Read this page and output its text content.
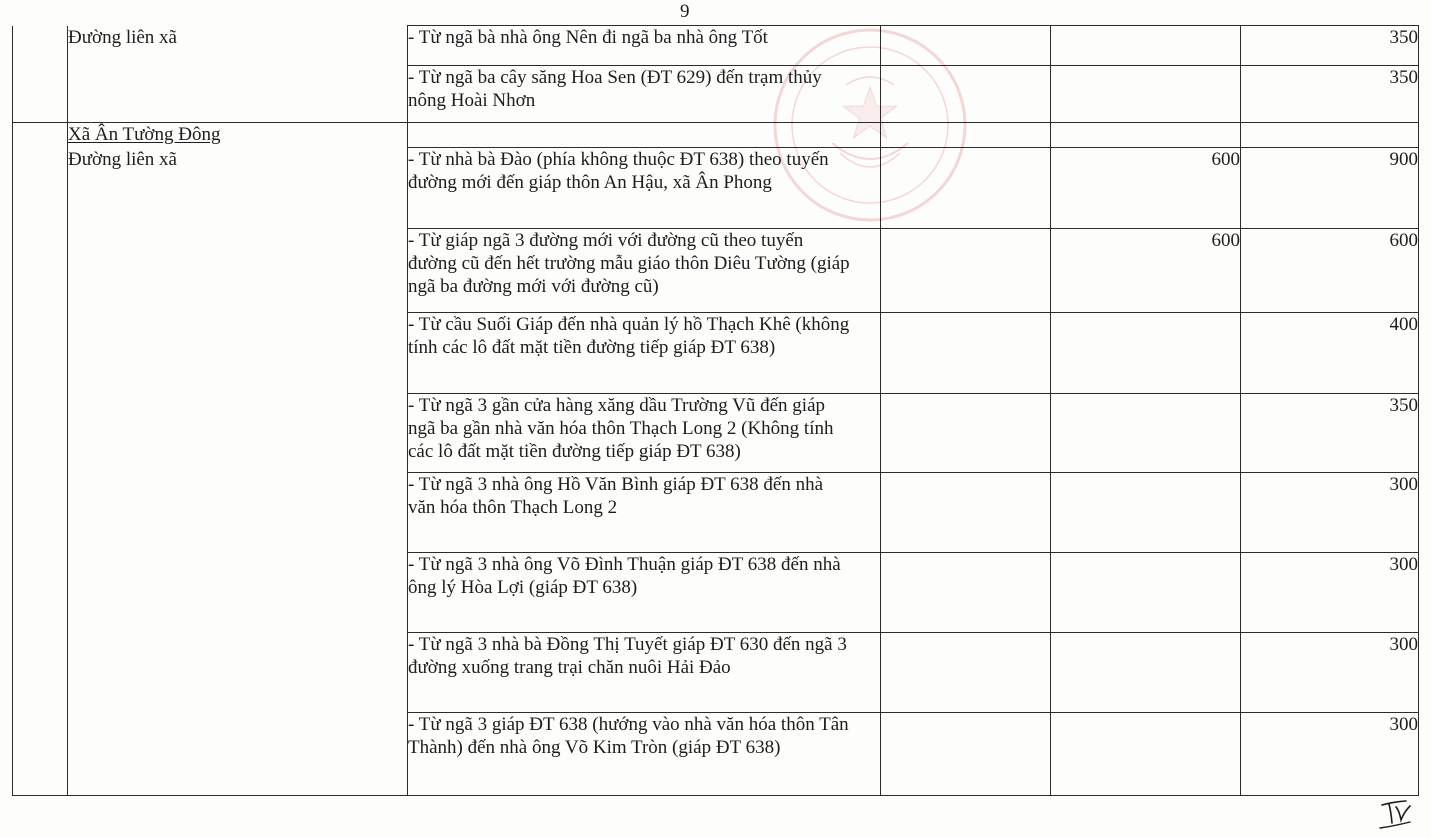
9
	Đường liên xã	- Từ ngã bà nhà ông Nên đi ngã ba nhà ông Tốt			350
		- Từ ngã ba cây săng Hoa Sen (ĐT 629) đến trạm thủy
nông Hoài Nhơn			350
	Xã Ân Tường Đông				
	Đường liên xã	- Từ nhà bà Đào (phía không thuộc ĐT 638) theo tuyến
đường mới đến giáp thôn An Hậu, xã Ân Phong		600	900
		- Từ giáp ngã 3 đường mới với đường cũ theo tuyến
đường cũ đến hết trường mẫu giáo thôn Diêu Tường (giáp
ngã ba đường mới với đường cũ)		600	600
		- Từ cầu Suối Giáp đến nhà quản lý hồ Thạch Khê (không
tính các lô đất mặt tiền đường tiếp giáp ĐT 638)			400
		- Từ ngã 3 gần cửa hàng xăng dầu Trường Vũ đến giáp
ngã ba gần nhà văn hóa thôn Thạch Long 2 (Không tính
các lô đất mặt tiền đường tiếp giáp ĐT 638)			350
		- Từ ngã 3 nhà ông Hồ Văn Bình giáp ĐT 638 đến nhà
văn hóa thôn Thạch Long 2			300
		- Từ ngã 3 nhà ông Võ Đình Thuận giáp ĐT 638 đến nhà
ông lý Hòa Lợi (giáp ĐT 638)			300
		- Từ ngã 3 nhà bà Đồng Thị Tuyết giáp ĐT 630 đến ngã 3
đường xuống trang trại chăn nuôi Hải Đảo			300
		- Từ ngã 3 giáp ĐT 638 (hướng vào nhà văn hóa thôn Tân
Thành) đến nhà ông Võ Kim Tròn (giáp ĐT 638)			300
